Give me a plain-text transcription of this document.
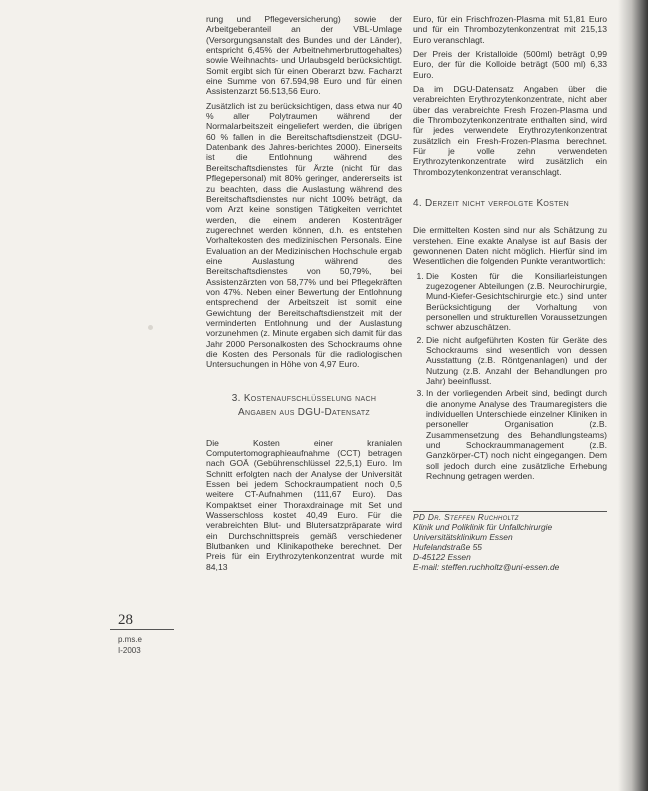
rung und Pflegeversicherung) sowie der Arbeitgeberanteil an der VBL-Umlage (Versorgungsanstalt des Bundes und der Länder), entspricht 6,45% der Arbeitnehmerbruttogehaltes) sowie Weihnachts- und Urlaubsgeld berücksichtigt. Somit ergibt sich für einen Oberarzt bzw. Facharzt eine Summe von 67.594,98 Euro und für einen Assistenzarzt 56.513,56 Euro.

Zusätzlich ist zu berücksichtigen, dass etwa nur 40 % aller Polytraumen während der Normalarbeitszeit eingeliefert werden, die übrigen 60 % fallen in die Bereitschaftsdienstzeit (DGU-Datenbank des Jahres-berichtes 2000). Einerseits ist die Entlohnung während des Bereitschaftsdienstes für Ärzte (nicht für das Pflegepersonal) mit 80% geringer, andererseits ist zu beachten, dass die Auslastung während des Bereitschaftsdienstes nur nicht 100% beträgt, da vom Arzt keine sonstigen Tätigkeiten verrichtet werden, die einem anderen Kostenträger zugerechnet werden können, d.h. es entstehen Vorhaltekosten des medizinischen Personals. Eine Evaluation an der Medizinischen Hochschule ergab eine Auslastung während des Bereitschaftsdienstes von 50,79%, bei Assistenzärzten von 58,77% und bei Pflegekräften von 47%. Neben einer Bewertung der Entlohnung entsprechend der Arbeitszeit ist somit eine Gewichtung der Bereitschaftsdienstzeit mit der verminderten Entlohnung und der Auslastung vorzunehmen (z. Minute ergaben sich damit für das Jahr 2000 Personalkosten des Schockraums ohne die Kosten des Personals für die radiologischen Untersuchungen in Höhe von 4,97 Euro.

3. Kostenaufschlüsselung nach
Angaben aus DGU-Datensatz

Die Kosten einer kranialen Computertomographieaufnahme (CCT) betragen nach GOÄ (Gebührenschlüssel 22,5,1) Euro. Im Schnitt erfolgten nach der Analyse der Universität Essen bei jedem Schockraumpatient noch 0,5 weitere CT-Aufnahmen (111,67 Euro). Das Kompaktset einer Thoraxdrainage mit Set und Wasserschloss kostet 40,49 Euro. Für die verabreichten Blut- und Blutersatzpräparate wird ein Durchschnittspreis gemäß verschiedener Blutbanken und Klinikapotheke berechnet. Der Preis für ein Erythrozytenkonzentrat wurde mit 84,13

Euro, für ein Frischfrozen-Plasma mit 51,81 Euro und für ein Thrombozytenkonzentrat mit 215,13 Euro veranschlagt.

Der Preis der Kristalloide (500ml) beträgt 0,99 Euro, der für die Kolloide beträgt (500 ml) 6,33 Euro.

Da im DGU-Datensatz Angaben über die verabreichten Erythrozytenkonzentrate, nicht aber über das verabreichte Fresh Frozen-Plasma und die Thrombozytenkonzentrate enthalten sind, wird für jedes verwendete Erythrozytenkonzentrat zusätzlich ein Fresh-Frozen-Plasma berechnet. Für je volle zehn verwendeten Erythrozytenkonzentrate wird zusätzlich ein Thrombozytenkonzentrat veranschlagt.

4. Derzeit nicht verfolgte Kosten

Die ermittelten Kosten sind nur als Schätzung zu verstehen. Eine exakte Analyse ist auf Basis der gewonnenen Daten nicht möglich. Hierfür sind im Wesentlichen die folgenden Punkte verantwortlich:

1. Die Kosten für die Konsiliarleistungen zugezogener Abteilungen (z.B. Neurochirurgie, Mund-Kiefer-Gesichtschirurgie etc.) sind unter Berücksichtigung der Vorhaltung von personellen und strukturellen Voraussetzungen schwer abzuschätzen.
2. Die nicht aufgeführten Kosten für Geräte des Schockraums sind wesentlich von dessen Ausstattung (z.B. Röntgenanlagen) und der Nutzung (z.B. Anzahl der Behandlungen pro Jahr) beeinflusst.
3. In der vorliegenden Arbeit sind, bedingt durch die anonyme Analyse des Traumaregisters die individuellen Unterschiede einzelner Kliniken in personeller Organisation (z.B. Zusammensetzung des Behandlungsteams) und Schockraummanagement (z.B. Ganzkörper-CT) noch nicht eingegangen. Dem soll jedoch durch eine zusätzliche Erhebung Rechnung getragen werden.
PD Dr. Steffen Ruchholtz
Klinik und Poliklinik für Unfallchirurgie
Universitätsklinikum Essen
Hufelandstraße 55
D-45122 Essen
E-mail: steffen.ruchholtz@uni-essen.de
28
p.ms.e
I-2003
